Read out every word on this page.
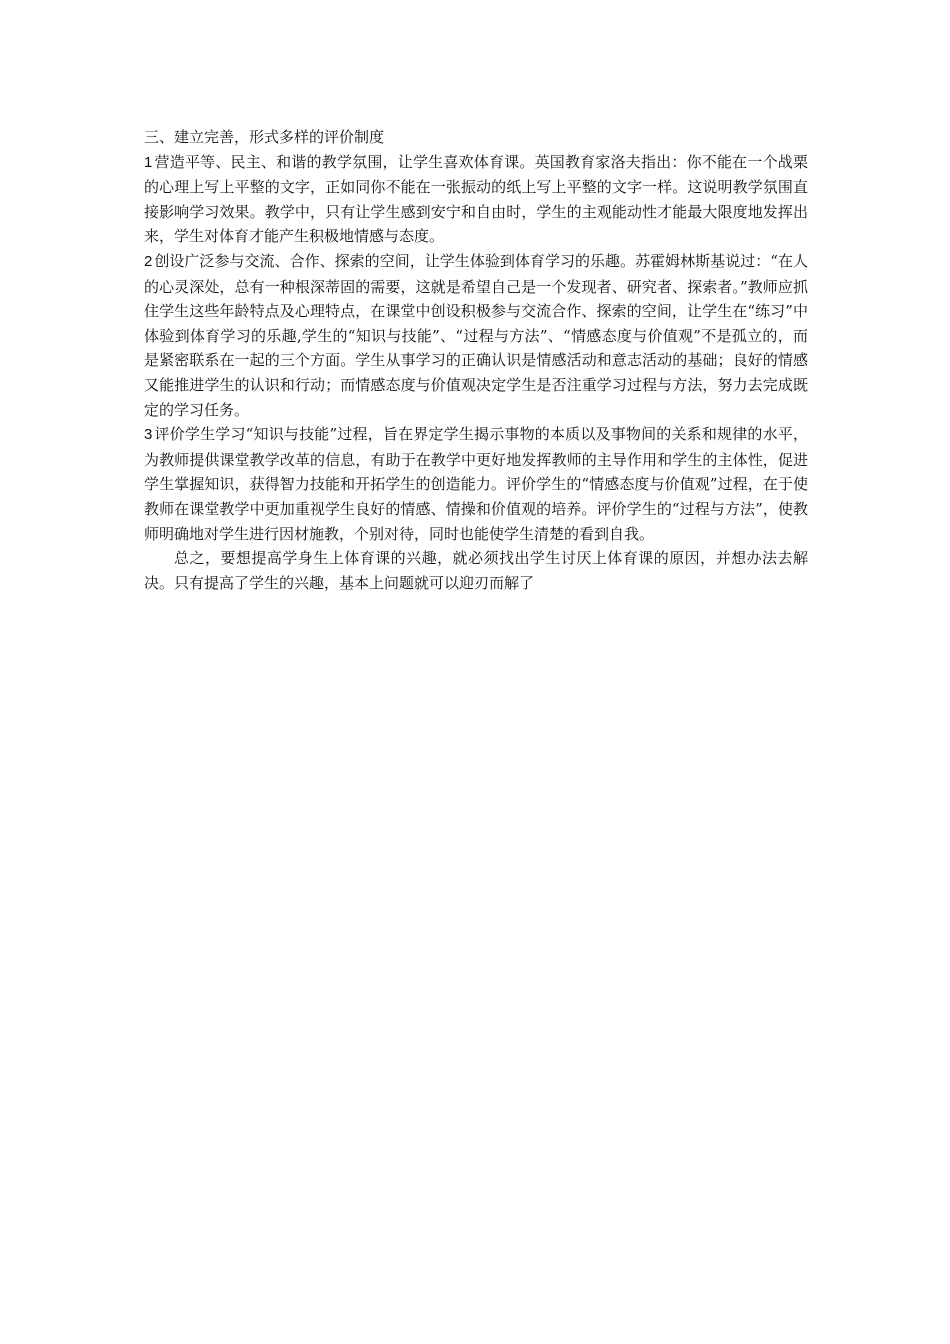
三、建立完善，形式多样的评价制度

1 营造平等、民主、和谐的教学氛围，让学生喜欢体育课。英国教育家洛夫指出：你不能在一个战栗的心理上写上平整的文字，正如同你不能在一张振动的纸上写上平整的文字一样。这说明教学氛围直接影响学习效果。教学中，只有让学生感到安宁和自由时，学生的主观能动性才能最大限度地发挥出来，学生对体育才能产生积极地情感与态度。

2 创设广泛参与交流、合作、探索的空间，让学生体验到体育学习的乐趣。苏霍姆林斯基说过：“在人的心灵深处，总有一种根深蒂固的需要，这就是希望自己是一个发现者、研究者、探索者。”教师应抓住学生这些年龄特点及心理特点，在课堂中创设积极参与交流合作、探索的空间，让学生在“练习”中体验到体育学习的乐趣,学生的“知识与技能”、“过程与方法”、“情感态度与价值观”不是孤立的，而是紧密联系在一起的三个方面。学生从事学习的正确认识是情感活动和意志活动的基础；良好的情感又能推进学生的认识和行动；而情感态度与价值观决定学生是否注重学习过程与方法，努力去完成既定的学习任务。

3 评价学生学习“知识与技能”过程，旨在界定学生揭示事物的本质以及事物间的关系和规律的水平，为教师提供课堂教学改革的信息，有助于在教学中更好地发挥教师的主导作用和学生的主体性，促进学生掌握知识，获得智力技能和开拓学生的创造能力。评价学生的“情感态度与价值观”过程，在于使教师在课堂教学中更加重视学生良好的情感、情操和价值观的培养。评价学生的“过程与方法”，使教师明确地对学生进行因材施教，个别对待，同时也能使学生清楚的看到自我。

总之，要想提高学身生上体育课的兴趣，就必须找出学生讨厌上体育课的原因，并想办法去解决。只有提高了学生的兴趣，基本上问题就可以迎刃而解了
